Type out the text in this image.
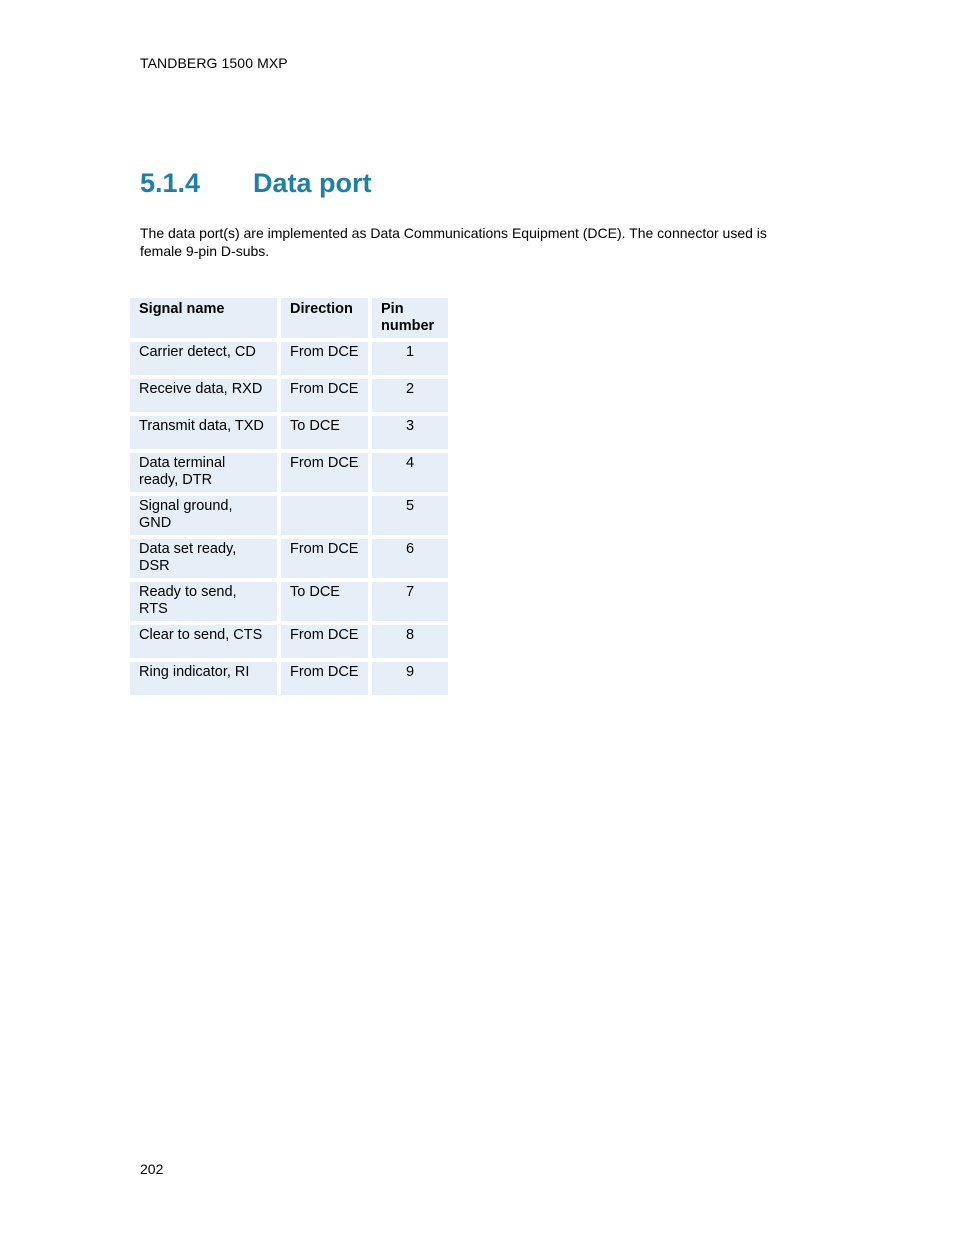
TANDBERG 1500 MXP
5.1.4 Data port

The data port(s) are implemented as Data Communications Equipment (DCE). The connector used is female 9-pin D-subs.

Signal name	Direction	Pin number
Carrier detect, CD	From DCE	1
Receive data, RXD	From DCE	2
Transmit data, TXD	To DCE	3
Data terminal ready, DTR	From DCE	4
Signal ground, GND		5
Data set ready, DSR	From DCE	6
Ready to send, RTS	To DCE	7
Clear to send, CTS	From DCE	8
Ring indicator, RI	From DCE	9
202
